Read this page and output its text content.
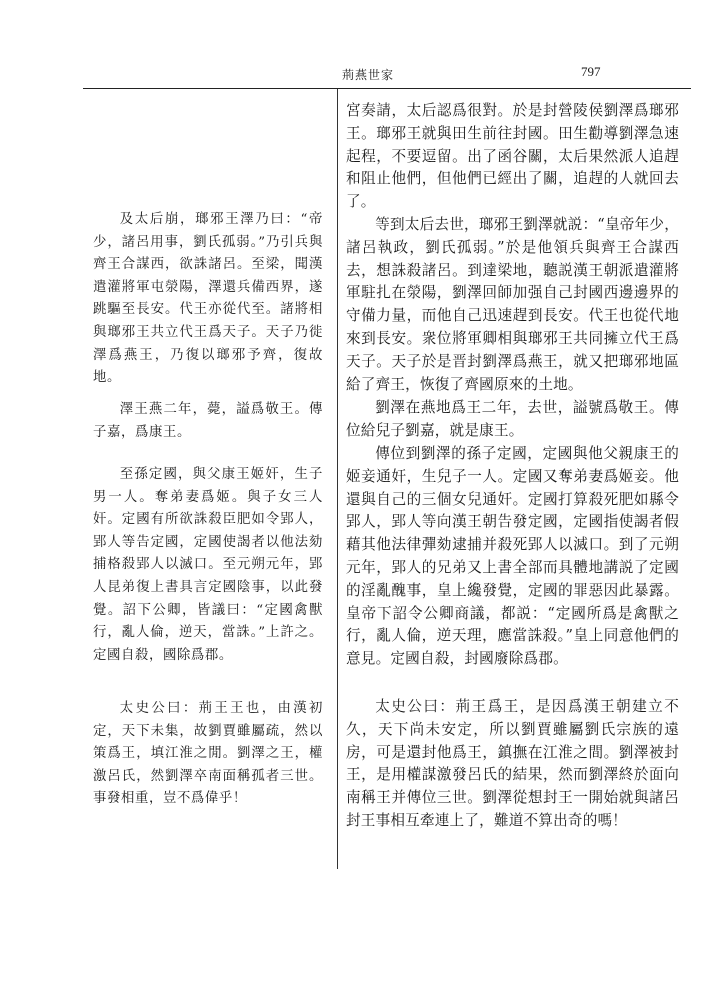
荊燕世家	797

及太后崩，瑯邪王澤乃曰：“帝少，諸呂用事，劉氏孤弱。”乃引兵與齊王合謀西，欲誅諸呂。至梁，聞漢遣灌將軍屯滎陽，澤還兵備西界，遂跳驅至長安。代王亦從代至。諸將相與瑯邪王共立代王爲天子。天子乃徙澤爲燕王，乃復以瑯邪予齊，復故地。

澤王燕二年，薨，謚爲敬王。傳子嘉，爲康王。

至孫定國，與父康王姬奸，生子男一人。奪弟妻爲姬。與子女三人奸。定國有所欲誅殺臣肥如令郢人，郢人等告定國，定國使謁者以他法劾捕格殺郢人以滅口。至元朔元年，郢人昆弟復上書具言定國陰事，以此發覺。詔下公卿，皆議曰：“定國禽獸行，亂人倫，逆天，當誅。”上許之。定國自殺，國除爲郡。

太史公曰：荊王王也，由漢初定，天下未集，故劉賈雖屬疏，然以策爲王，填江淮之閒。劉澤之王，權激呂氏，然劉澤卒南面稱孤者三世。事發相重，豈不爲偉乎！

宮奏請，太后認爲很對。於是封營陵侯劉澤爲瑯邪王。瑯邪王就與田生前往封國。田生勸導劉澤急速起程，不要逗留。出了函谷關，太后果然派人追趕和阻止他們，但他們已經出了關，追趕的人就回去了。

等到太后去世，瑯邪王劉澤就説：“皇帝年少，諸呂執政，劉氏孤弱。”於是他領兵與齊王合謀西去，想誅殺諸呂。到達梁地，聽説漢王朝派遣灌將軍駐扎在滎陽，劉澤回師加强自己封國西邊邊界的守備力量，而他自己迅速趕到長安。代王也從代地來到長安。衆位將軍卿相與瑯邪王共同擁立代王爲天子。天子於是晋封劉澤爲燕王，就又把瑯邪地區給了齊王，恢復了齊國原來的土地。

劉澤在燕地爲王二年，去世，謚號爲敬王。傳位給兒子劉嘉，就是康王。

傳位到劉澤的孫子定國，定國與他父親康王的姬妾通奸，生兒子一人。定國又奪弟妻爲姬妾。他還與自己的三個女兒通奸。定國打算殺死肥如縣令郢人，郢人等向漢王朝告發定國，定國指使謁者假藉其他法律彈劾逮捕并殺死郢人以滅口。到了元朔元年，郢人的兄弟又上書全部而具體地講説了定國的淫亂醜事，皇上纔發覺，定國的罪惡因此暴露。皇帝下詔令公卿商議，都説：“定國所爲是禽獸之行，亂人倫，逆天理，應當誅殺。”皇上同意他們的意見。定國自殺，封國廢除爲郡。

太史公曰：荊王爲王，是因爲漢王朝建立不久，天下尚未安定，所以劉賈雖屬劉氏宗族的遠房，可是還封他爲王，鎮撫在江淮之間。劉澤被封王，是用權謀激發呂氏的結果，然而劉澤終於面向南稱王并傳位三世。劉澤從想封王一開始就與諸呂封王事相互牽連上了，難道不算出奇的嗎！
